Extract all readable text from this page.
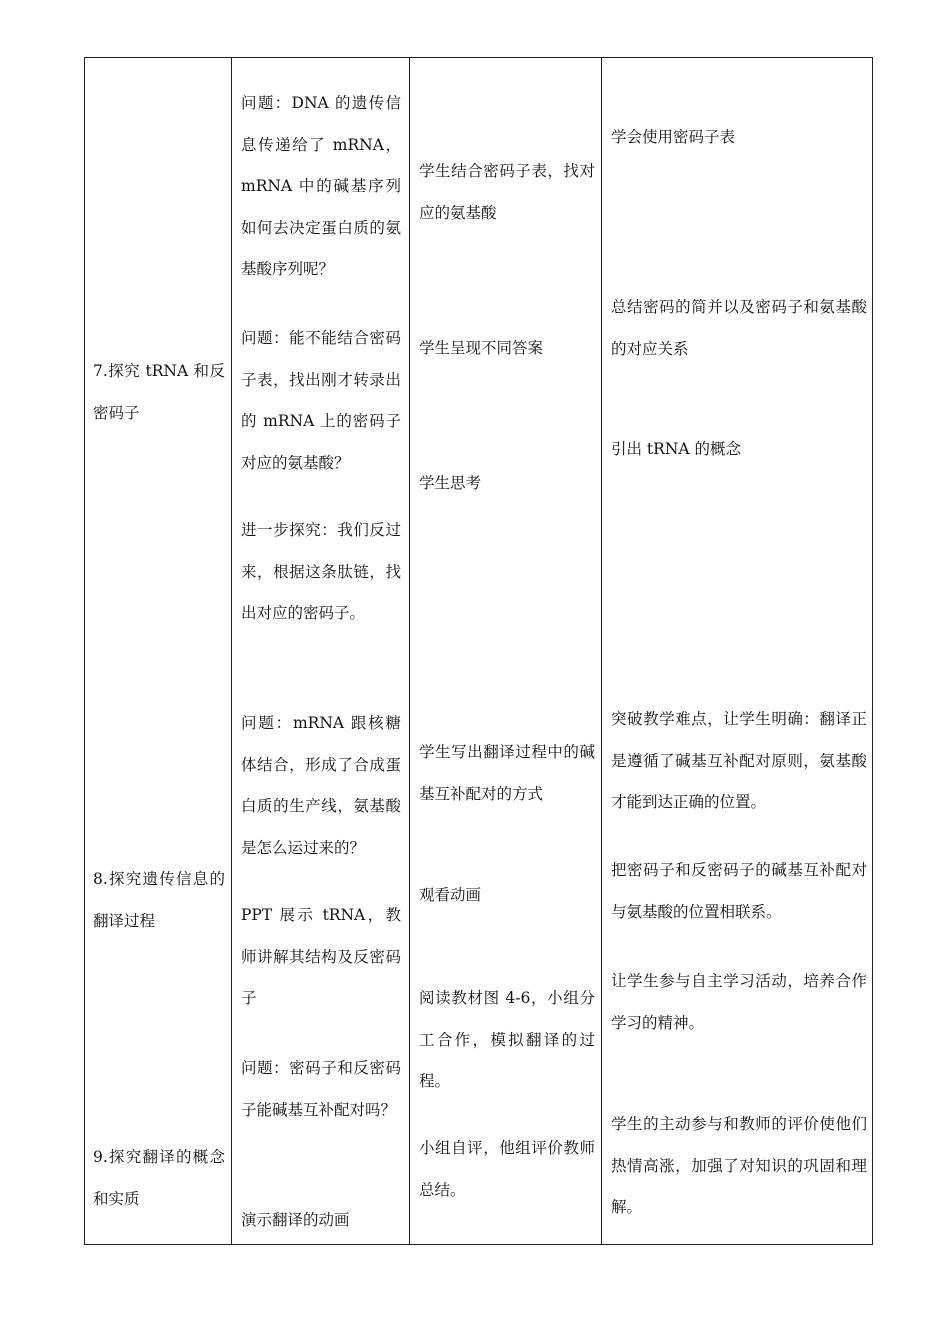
7.探究 tRNA 和反密码子
8.探究遗传信息的翻译过程
9.探究翻译的概念和实质
问题：DNA 的遗传信息传递给了 mRNA，mRNA 中的碱基序列如何去决定蛋白质的氨基酸序列呢？
问题：能不能结合密码子表，找出刚才转录出的 mRNA 上的密码子对应的氨基酸？
进一步探究：我们反过来，根据这条肽链，找出对应的密码子。
问题：mRNA 跟核糖体结合，形成了合成蛋白质的生产线，氨基酸是怎么运过来的？
PPT 展示 tRNA，教师讲解其结构及反密码子
问题：密码子和反密码子能碱基互补配对吗？
演示翻译的动画
学生结合密码子表，找对应的氨基酸
学生呈现不同答案
学生思考
学生写出翻译过程中的碱基互补配对的方式
观看动画
阅读教材图 4-6，小组分工合作，模拟翻译的过程。
小组自评，他组评价教师总结。
学会使用密码子表
总结密码的简并以及密码子和氨基酸的对应关系
引出 tRNA 的概念
突破教学难点，让学生明确：翻译正是遵循了碱基互补配对原则，氨基酸才能到达正确的位置。
把密码子和反密码子的碱基互补配对与氨基酸的位置相联系。
让学生参与自主学习活动，培养合作学习的精神。
学生的主动参与和教师的评价使他们热情高涨，加强了对知识的巩固和理解。
